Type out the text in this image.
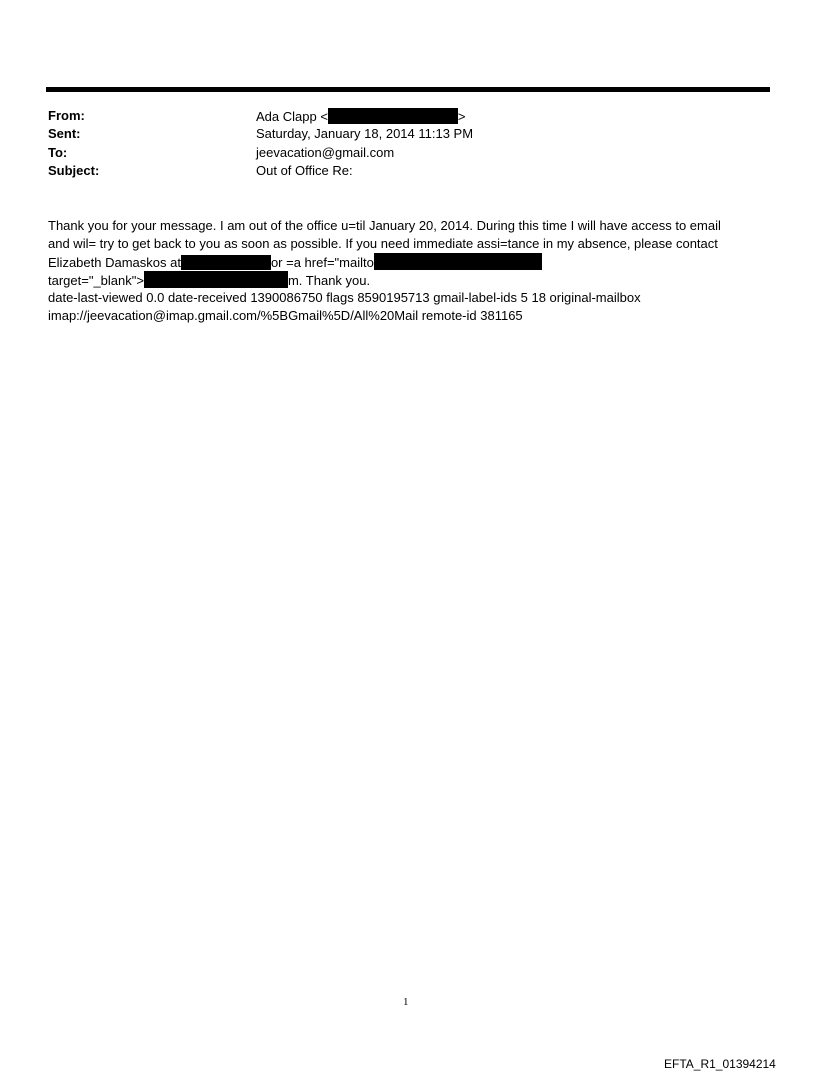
From:	Ada Clapp <	>
Sent:	Saturday, January 18, 2014 11:13 PM
To:	jeevacation@gmail.com
Subject:	Out of Office Re:
Thank you for your message. I am out of the office u=til January 20, 2014. During this time I will have access to email
and wil= try to get back to you as soon as possible. If you need immediate assi=tance in my absence, please contact
Elizabeth Damaskos at	or =a href="mailto
target="_blank">	m. Thank you.
date-last-viewed 0.0 date-received 1390086750 flags 8590195713 gmail-label-ids 5 18 original-mailbox
imap://jeevacation@imap.gmail.com/%5BGmail%5D/All%20Mail remote-id 381165
1
EFTA_R1_01394214
